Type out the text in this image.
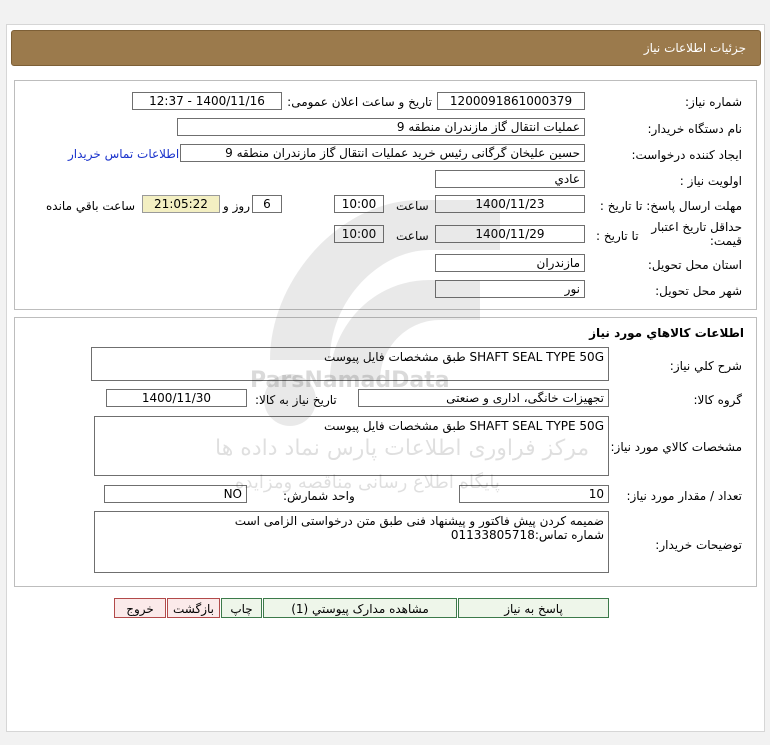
جزئیات اطلاعات نیاز
شماره نیاز:
1200091861000379
تاریخ و ساعت اعلان عمومی:
1400/11/16 - 12:37
نام دستگاه خریدار:
عملیات انتقال گاز مازندران منطقه 9
ایجاد کننده درخواست:
حسین علیخان گرگانی رئیس خرید عملیات انتقال گاز مازندران منطقه 9
اطلاعات تماس خریدار
اولویت نیاز :
عادي
مهلت ارسال پاسخ: تا تاریخ :
1400/11/23
ساعت
10:00
6
روز و
21:05:22
ساعت باقي مانده
حداقل تاریخ اعتبار
قیمت:
تا تاریخ :
1400/11/29
ساعت
10:00
استان محل تحویل:
مازندران
شهر محل تحویل:
نور
اطلاعات کالاهاي مورد نیاز
شرح کلي نیاز:
SHAFT SEAL TYPE 50G طبق مشخصات فایل پیوست
گروه کالا:
تجهیزات خانگی، اداری و صنعتی
تاریخ نیاز به کالا:
1400/11/30
مشخصات کالاي مورد نیاز:
SHAFT SEAL TYPE 50G طبق مشخصات فایل پیوست
تعداد / مقدار مورد نیاز:
10
واحد شمارش:
NO
توضیحات خریدار:
ضمیمه کردن پیش فاکتور و پیشنهاد فنی طبق متن درخواستی الزامی است
شماره تماس:01133805718
پاسخ به نیاز
مشاهده مدارک پیوستي (1)
چاپ
بازگشت
خروج
